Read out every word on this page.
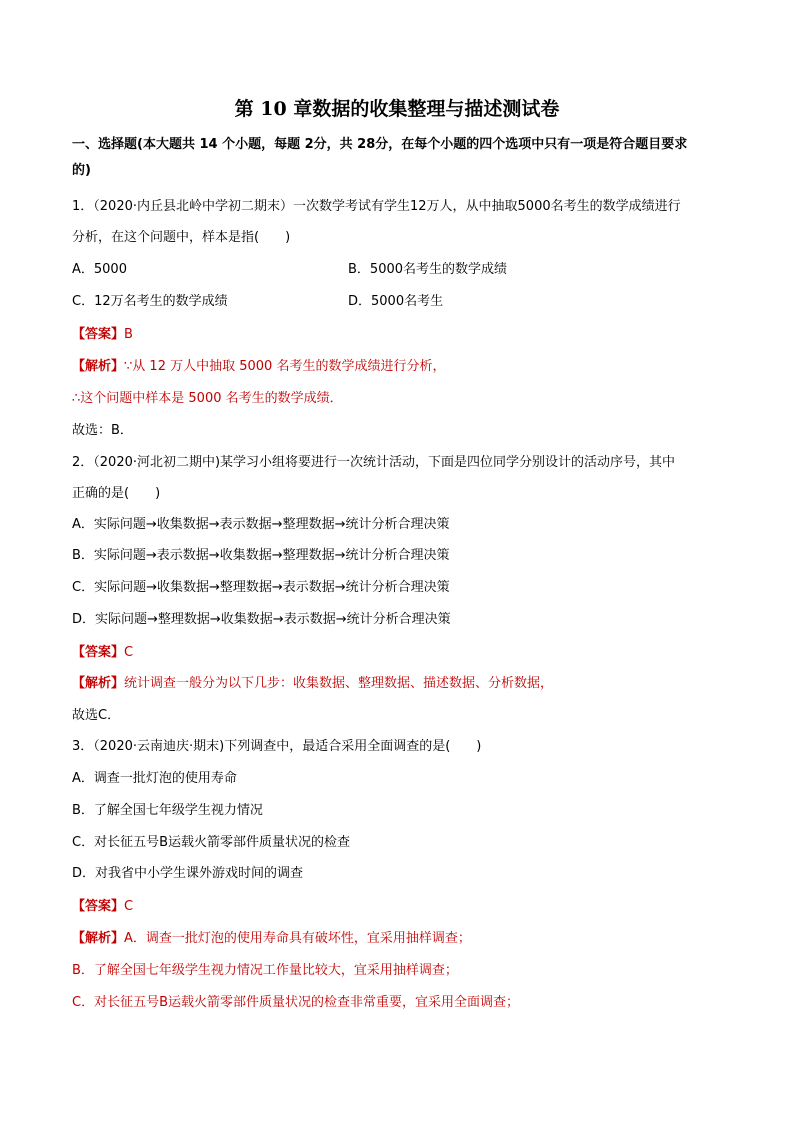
第 10 章数据的收集整理与描述测试卷
一、选择题(本大题共 14 个小题，每题 2分，共 28分，在每个小题的四个选项中只有一项是符合题目要求
的)
1．（2020·内丘县北岭中学初二期末）一次数学考试有学生12万人，从中抽取5000名考生的数学成绩进行
分析，在这个问题中，样本是指(　　)
A．5000	B．5000名考生的数学成绩
C．12万名考生的数学成绩	D．5000名考生
【答案】B
【解析】∵从 12 万人中抽取 5000 名考生的数学成绩进行分析，
∴这个问题中样本是 5000 名考生的数学成绩．
故选：B．
2．（2020·河北初二期中)某学习小组将要进行一次统计活动，下面是四位同学分别设计的活动序号，其中
正确的是(　　)
A．实际问题→收集数据→表示数据→整理数据→统计分析合理决策
B．实际问题→表示数据→收集数据→整理数据→统计分析合理决策
C．实际问题→收集数据→整理数据→表示数据→统计分析合理决策
D．实际问题→整理数据→收集数据→表示数据→统计分析合理决策
【答案】C
【解析】统计调查一般分为以下几步：收集数据、整理数据、描述数据、分析数据，
故选C．
3．（2020·云南迪庆·期末)下列调查中，最适合采用全面调查的是(　　)
A．调查一批灯泡的使用寿命
B．了解全国七年级学生视力情况
C．对长征五号B运载火箭零部件质量状况的检查
D．对我省中小学生课外游戏时间的调查
【答案】C
【解析】A．调查一批灯泡的使用寿命具有破坏性，宜采用抽样调查；
B．了解全国七年级学生视力情况工作量比较大，宜采用抽样调查；
C．对长征五号B运载火箭零部件质量状况的检查非常重要，宜采用全面调查；
